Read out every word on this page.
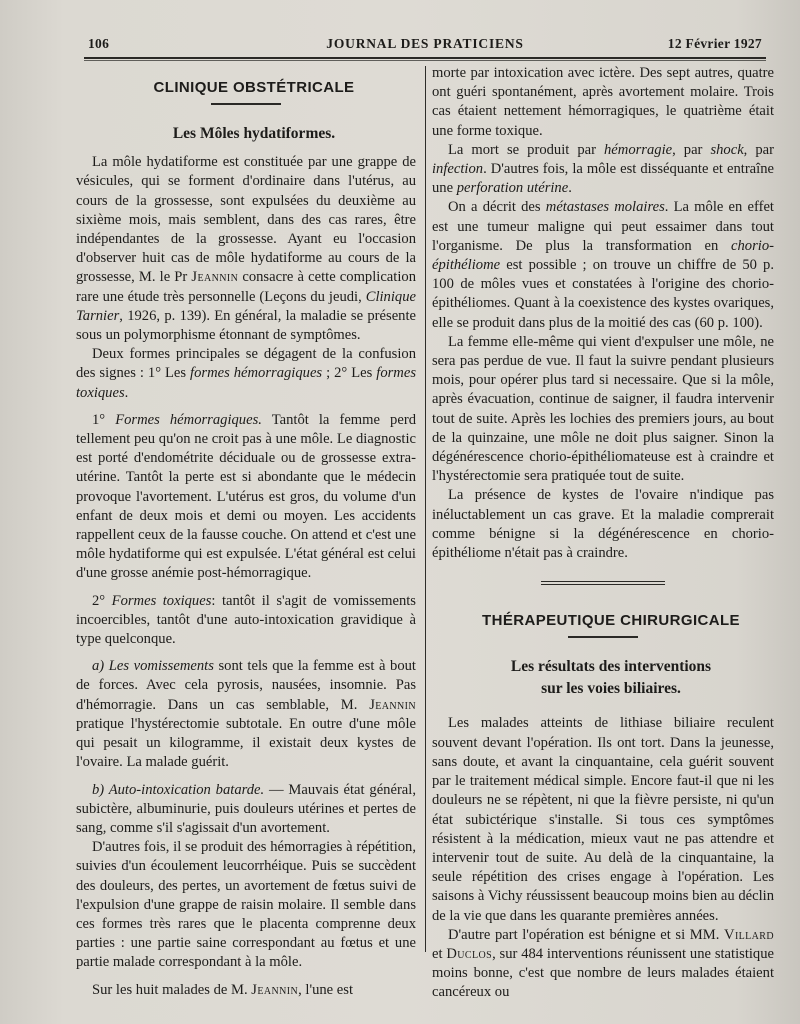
106	JOURNAL DES PRATICIENS	12 Février 1927

CLINIQUE OBSTÉTRICALE

Les Môles hydatiformes.

La môle hydatiforme est constituée par une grappe de vésicules, qui se forment d'ordinaire dans l'utérus, au cours de la grossesse, sont expulsées du deuxième au sixième mois, mais semblent, dans des cas rares, être indépendantes de la grossesse. Ayant eu l'occasion d'observer huit cas de môle hydatiforme au cours de la grossesse, M. le Pr Jeannin consacre à cette complication rare une étude très personnelle (Leçons du jeudi, Clinique Tarnier, 1926, p. 139). En général, la maladie se présente sous un polymorphisme étonnant de symptômes.

Deux formes principales se dégagent de la confusion des signes : 1° Les formes hémorragiques ; 2° Les formes toxiques.

1° Formes hémorragiques. Tantôt la femme perd tellement peu qu'on ne croit pas à une môle. Le diagnostic est porté d'endométrite déciduale ou de grossesse extra-utérine. Tantôt la perte est si abondante que le médecin provoque l'avortement. L'utérus est gros, du volume d'un enfant de deux mois et demi ou moyen. Les accidents rappellent ceux de la fausse couche. On attend et c'est une môle hydatiforme qui est expulsée. L'état général est celui d'une grosse anémie post-hémorragique.

2° Formes toxiques: tantôt il s'agit de vomissements incoercibles, tantôt d'une auto-intoxication gravidique à type quelconque.

a) Les vomissements sont tels que la femme est à bout de forces. Avec cela pyrosis, nausées, insomnie. Pas d'hémorragie. Dans un cas semblable, M. Jeannin pratique l'hystérectomie subtotale. En outre d'une môle qui pesait un kilogramme, il existait deux kystes de l'ovaire. La malade guérit.

b) Auto-intoxication batarde. — Mauvais état général, subictère, albuminurie, puis douleurs utérines et pertes de sang, comme s'il s'agissait d'un avortement.

D'autres fois, il se produit des hémorragies à répétition, suivies d'un écoulement leucorrhéique. Puis se succèdent des douleurs, des pertes, un avortement de fœtus suivi de l'expulsion d'une grappe de raisin molaire. Il semble dans ces formes très rares que le placenta comprenne deux parties : une partie saine correspondant au fœtus et une partie malade correspondant à la môle.

Sur les huit malades de M. Jeannin, l'une est

morte par intoxication avec ictère. Des sept autres, quatre ont guéri spontanément, après avortement molaire. Trois cas étaient nettement hémorragiques, le quatrième était une forme toxique.

La mort se produit par hémorragie, par shock, par infection. D'autres fois, la môle est disséquante et entraîne une perforation utérine.

On a décrit des métastases molaires. La môle en effet est une tumeur maligne qui peut essaimer dans tout l'organisme. De plus la transformation en chorio-épithéliome est possible ; on trouve un chiffre de 50 p. 100 de môles vues et constatées à l'origine des chorio-épithéliomes. Quant à la coexistence des kystes ovariques, elle se produit dans plus de la moitié des cas (60 p. 100).

La femme elle-même qui vient d'expulser une môle, ne sera pas perdue de vue. Il faut la suivre pendant plusieurs mois, pour opérer plus tard si necessaire. Que si la môle, après évacuation, continue de saigner, il faudra intervenir tout de suite. Après les lochies des premiers jours, au bout de la quinzaine, une môle ne doit plus saigner. Sinon la dégénérescence chorio-épithéliomateuse est à craindre et l'hystérectomie sera pratiquée tout de suite.

La présence de kystes de l'ovaire n'indique pas inéluctablement un cas grave. Et la maladie comprerait comme bénigne si la dégénérescence en chorio-épithéliome n'était pas à craindre.

THÉRAPEUTIQUE CHIRURGICALE

Les résultats des interventions

sur les voies biliaires.

Les malades atteints de lithiase biliaire reculent souvent devant l'opération. Ils ont tort. Dans la jeunesse, sans doute, et avant la cinquantaine, cela guérit souvent par le traitement médical simple. Encore faut-il que ni les douleurs ne se répètent, ni que la fièvre persiste, ni qu'un état subictérique s'installe. Si tous ces symptômes résistent à la médication, mieux vaut ne pas attendre et intervenir tout de suite. Au delà de la cinquantaine, la seule répétition des crises engage à l'opération. Les saisons à Vichy réussissent beaucoup moins bien au déclin de la vie que dans les quarante premières années.

D'autre part l'opération est bénigne et si MM. Villard et Duclos, sur 484 interventions réunissent une statistique moins bonne, c'est que nombre de leurs malades étaient cancéreux ou
